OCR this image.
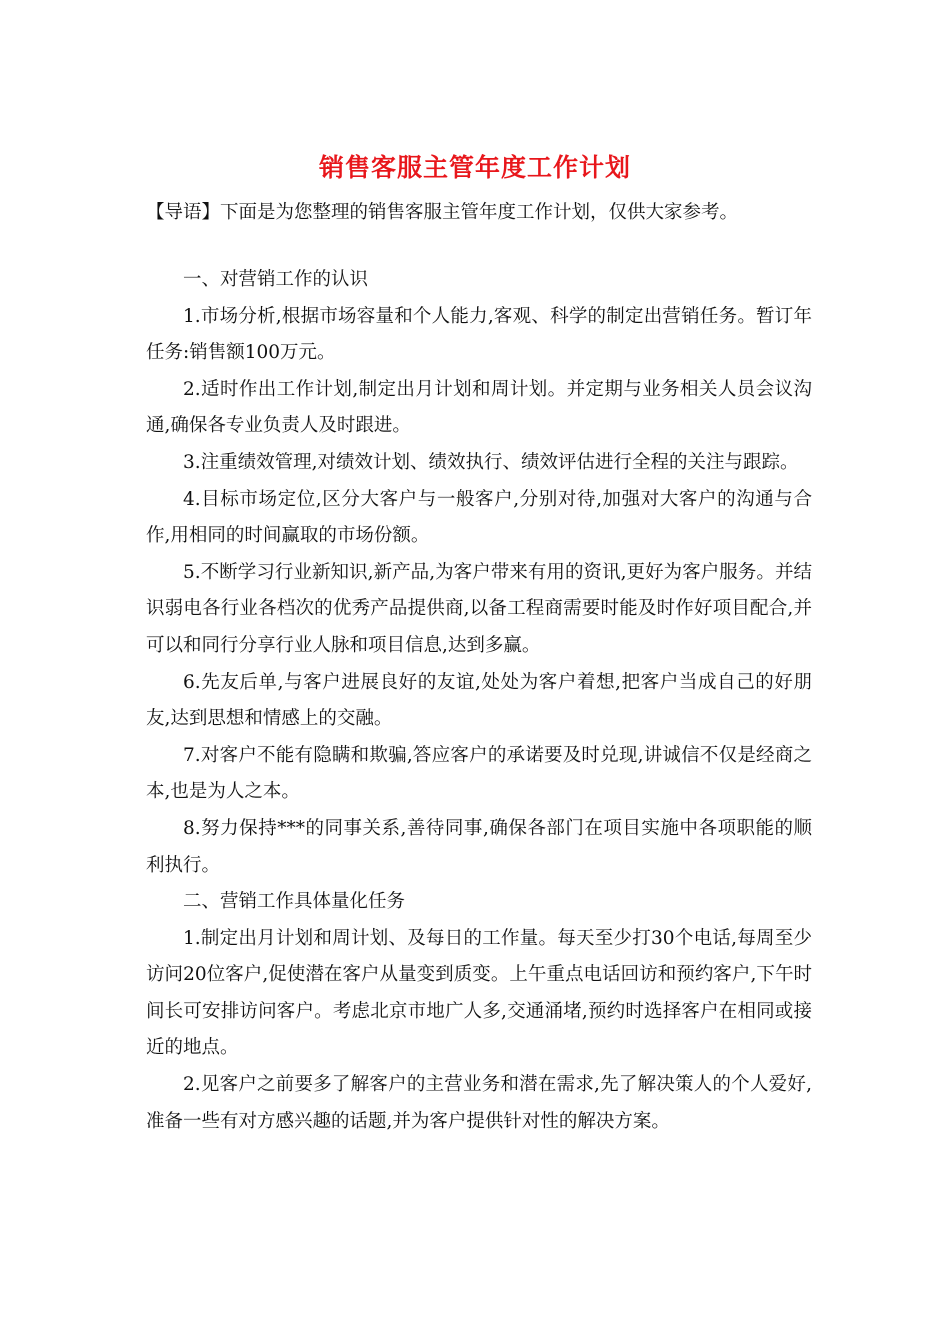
销售客服主管年度工作计划
【导语】下面是为您整理的销售客服主管年度工作计划，仅供大家参考。

一、对营销工作的认识

1.市场分析,根据市场容量和个人能力,客观、科学的制定出营销任务。暂订年任务:销售额100万元。

2.适时作出工作计划,制定出月计划和周计划。并定期与业务相关人员会议沟通,确保各专业负责人及时跟进。

3.注重绩效管理,对绩效计划、绩效执行、绩效评估进行全程的关注与跟踪。

4.目标市场定位,区分大客户与一般客户,分别对待,加强对大客户的沟通与合作,用相同的时间赢取的市场份额。

5.不断学习行业新知识,新产品,为客户带来有用的资讯,更好为客户服务。并结识弱电各行业各档次的优秀产品提供商,以备工程商需要时能及时作好项目配合,并可以和同行分享行业人脉和项目信息,达到多赢。

6.先友后单,与客户进展良好的友谊,处处为客户着想,把客户当成自己的好朋友,达到思想和情感上的交融。

7.对客户不能有隐瞒和欺骗,答应客户的承诺要及时兑现,讲诚信不仅是经商之本,也是为人之本。

8.努力保持***的同事关系,善待同事,确保各部门在项目实施中各项职能的顺利执行。

二、营销工作具体量化任务

1.制定出月计划和周计划、及每日的工作量。每天至少打30个电话,每周至少访问20位客户,促使潜在客户从量变到质变。上午重点电话回访和预约客户,下午时间长可安排访问客户。考虑北京市地广人多,交通涌堵,预约时选择客户在相同或接近的地点。

2.见客户之前要多了解客户的主营业务和潜在需求,先了解决策人的个人爱好,准备一些有对方感兴趣的话题,并为客户提供针对性的解决方案。
